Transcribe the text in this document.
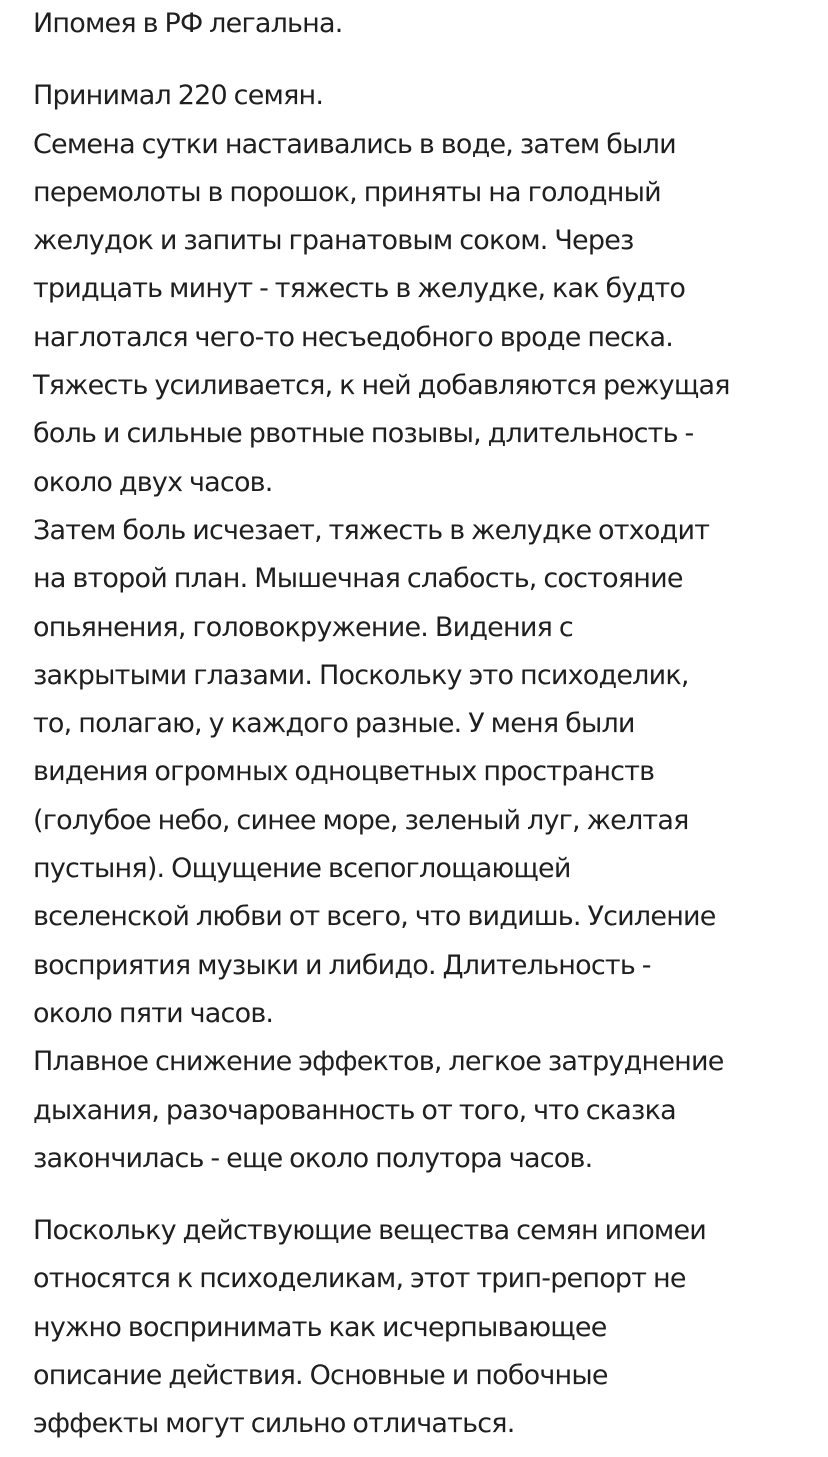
Ипомея в РФ легальна.
Принимал 220 семян.
Семена сутки настаивались в воде, затем были
перемолоты в порошок, приняты на голодный
желудок и запиты гранатовым соком. Через
тридцать минут - тяжесть в желудке, как будто
наглотался чего-то несъедобного вроде песка.
Тяжесть усиливается, к ней добавляются режущая
боль и сильные рвотные позывы, длительность -
около двух часов.
Затем боль исчезает, тяжесть в желудке отходит
на второй план. Мышечная слабость, состояние
опьянения, головокружение. Видения с
закрытыми глазами. Поскольку это психоделик,
то, полагаю, у каждого разные. У меня были
видения огромных одноцветных пространств
(голубое небо, синее море, зеленый луг, желтая
пустыня). Ощущение всепоглощающей
вселенской любви от всего, что видишь. Усиление
восприятия музыки и либидо. Длительность -
около пяти часов.
Плавное снижение эффектов, легкое затруднение
дыхания, разочарованность от того, что сказка
закончилась - еще около полутора часов.
Поскольку действующие вещества семян ипомеи
относятся к психоделикам, этот трип-репорт не
нужно воспринимать как исчерпывающее
описание действия. Основные и побочные
эффекты могут сильно отличаться.
